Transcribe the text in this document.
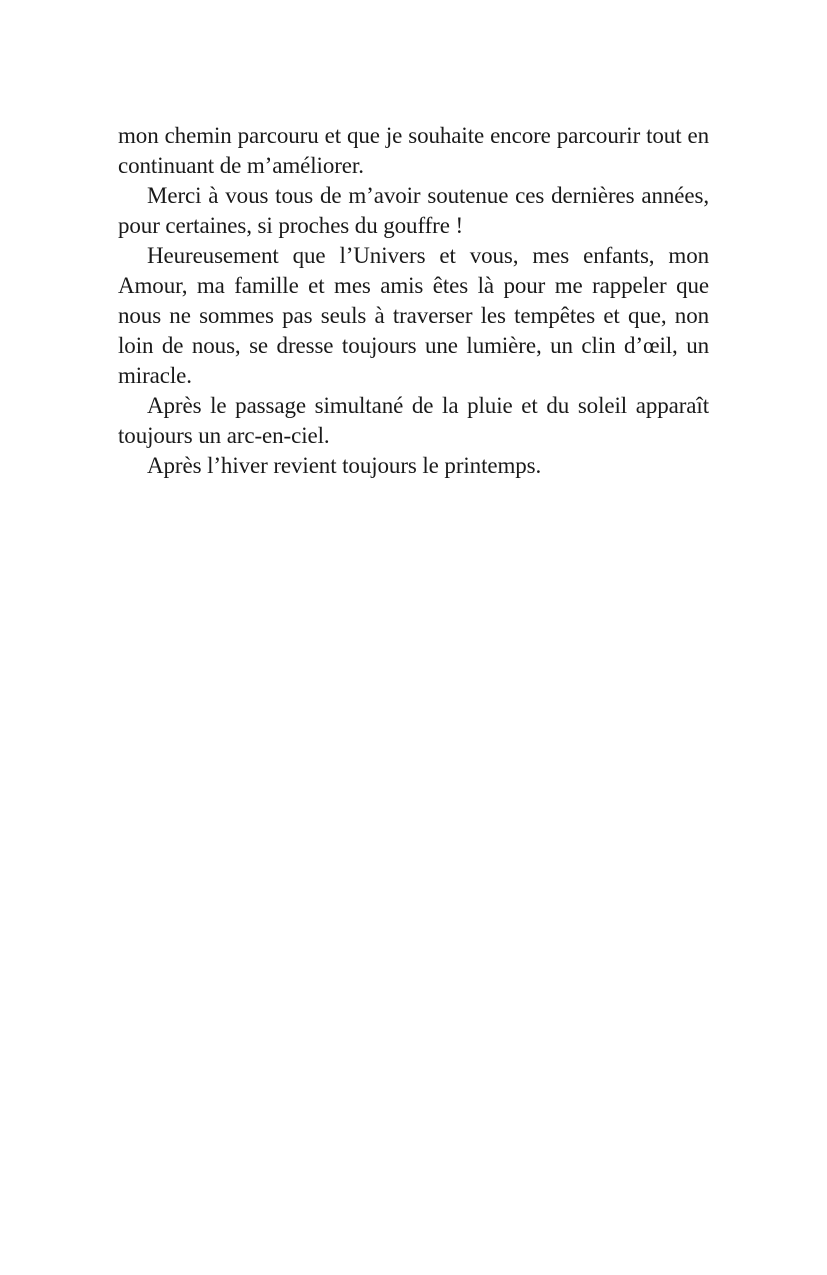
mon chemin parcouru et que je souhaite encore parcourir tout en continuant de m’améliorer.

Merci à vous tous de m’avoir soutenue ces dernières années, pour certaines, si proches du gouffre !

Heureusement que l’Univers et vous, mes enfants, mon Amour, ma famille et mes amis êtes là pour me rappeler que nous ne sommes pas seuls à traverser les tempêtes et que, non loin de nous, se dresse toujours une lumière, un clin d’œil, un miracle.

Après le passage simultané de la pluie et du soleil apparaît toujours un arc-en-ciel.

Après l’hiver revient toujours le printemps.
